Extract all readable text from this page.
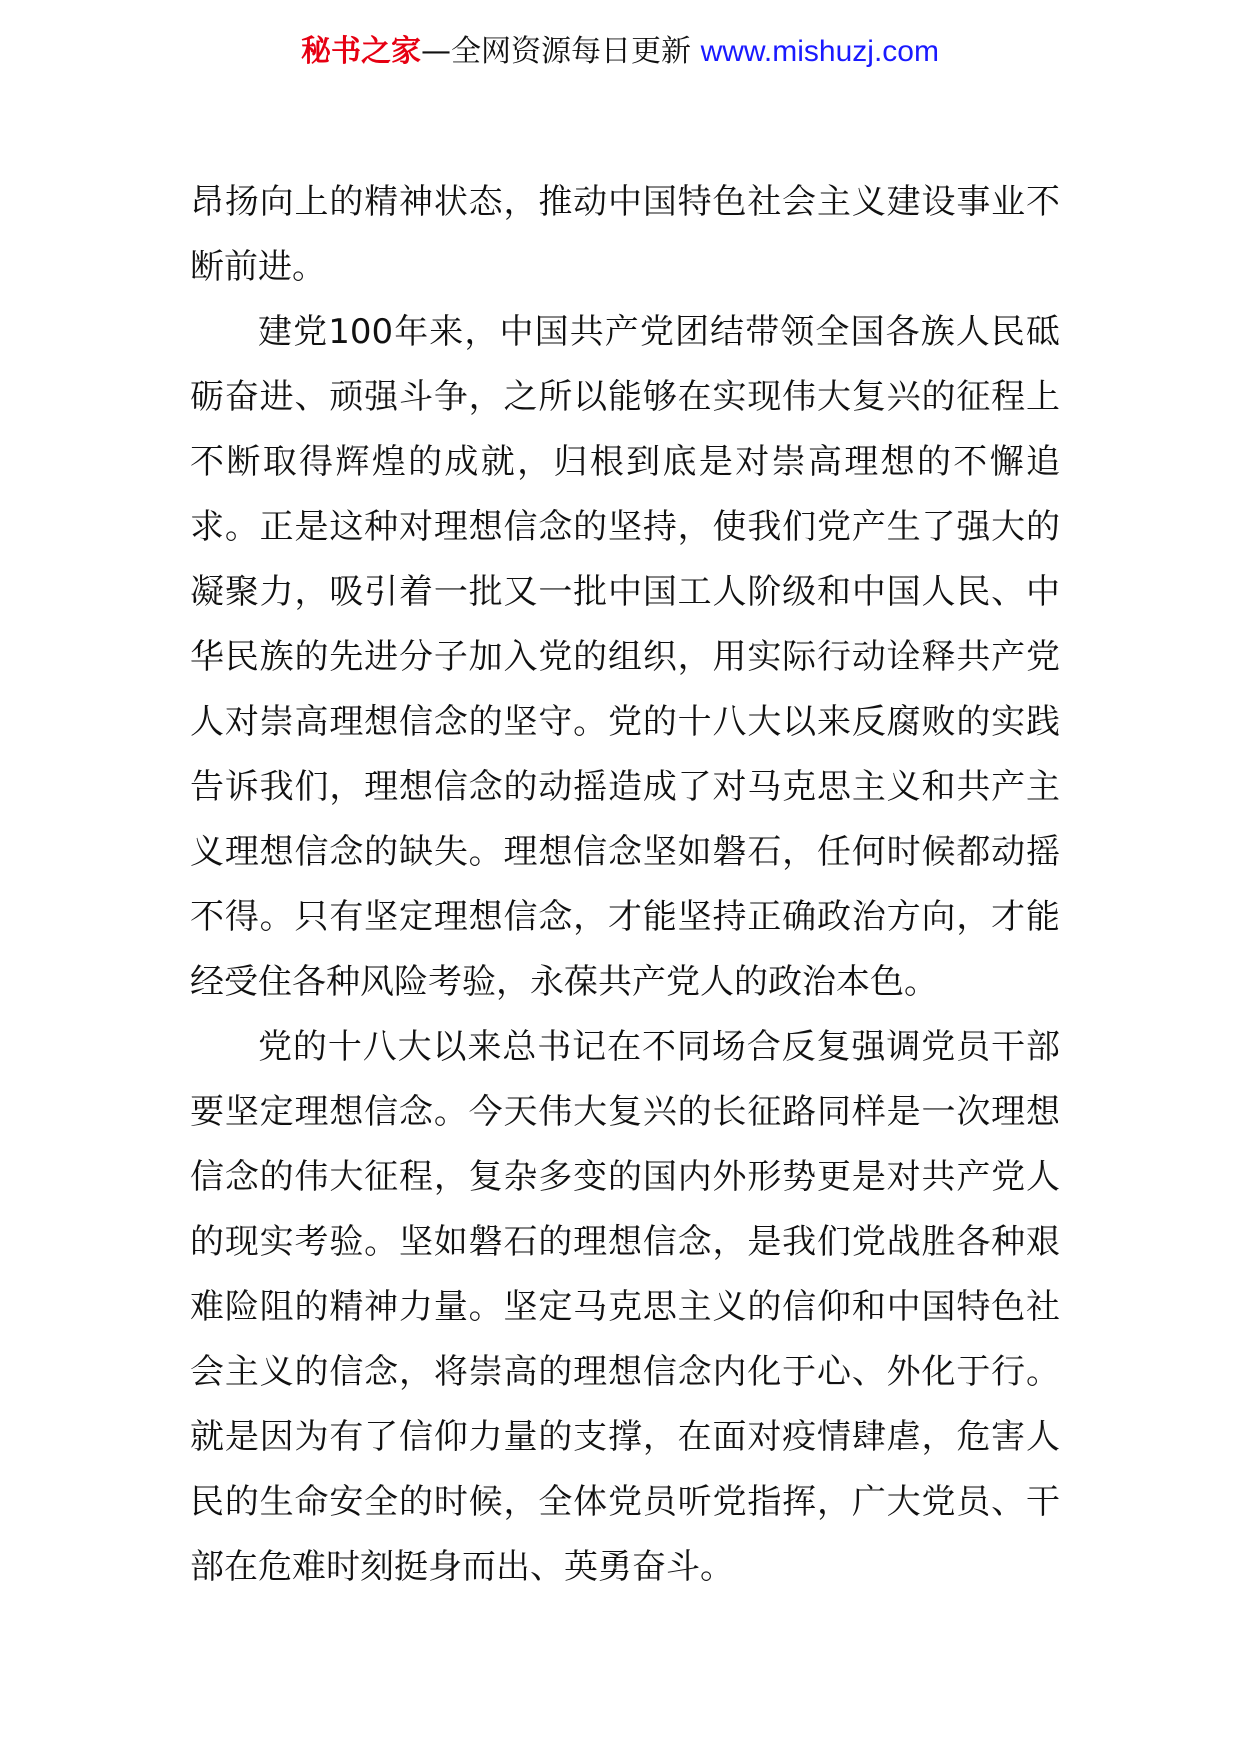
秘书之家—全网资源每日更新 www.mishuzj.com

昂扬向上的精神状态，推动中国特色社会主义建设事业不断前进。

建党100年来，中国共产党团结带领全国各族人民砥砺奋进、顽强斗争，之所以能够在实现伟大复兴的征程上不断取得辉煌的成就，归根到底是对崇高理想的不懈追求。正是这种对理想信念的坚持，使我们党产生了强大的凝聚力，吸引着一批又一批中国工人阶级和中国人民、中华民族的先进分子加入党的组织，用实际行动诠释共产党人对崇高理想信念的坚守。党的十八大以来反腐败的实践告诉我们，理想信念的动摇造成了对马克思主义和共产主义理想信念的缺失。理想信念坚如磐石，任何时候都动摇不得。只有坚定理想信念，才能坚持正确政治方向，才能经受住各种风险考验，永葆共产党人的政治本色。

党的十八大以来总书记在不同场合反复强调党员干部要坚定理想信念。今天伟大复兴的长征路同样是一次理想信念的伟大征程，复杂多变的国内外形势更是对共产党人的现实考验。坚如磐石的理想信念，是我们党战胜各种艰难险阻的精神力量。坚定马克思主义的信仰和中国特色社会主义的信念，将崇高的理想信念内化于心、外化于行。就是因为有了信仰力量的支撑，在面对疫情肆虐，危害人民的生命安全的时候，全体党员听党指挥，广大党员、干部在危难时刻挺身而出、英勇奋斗。
